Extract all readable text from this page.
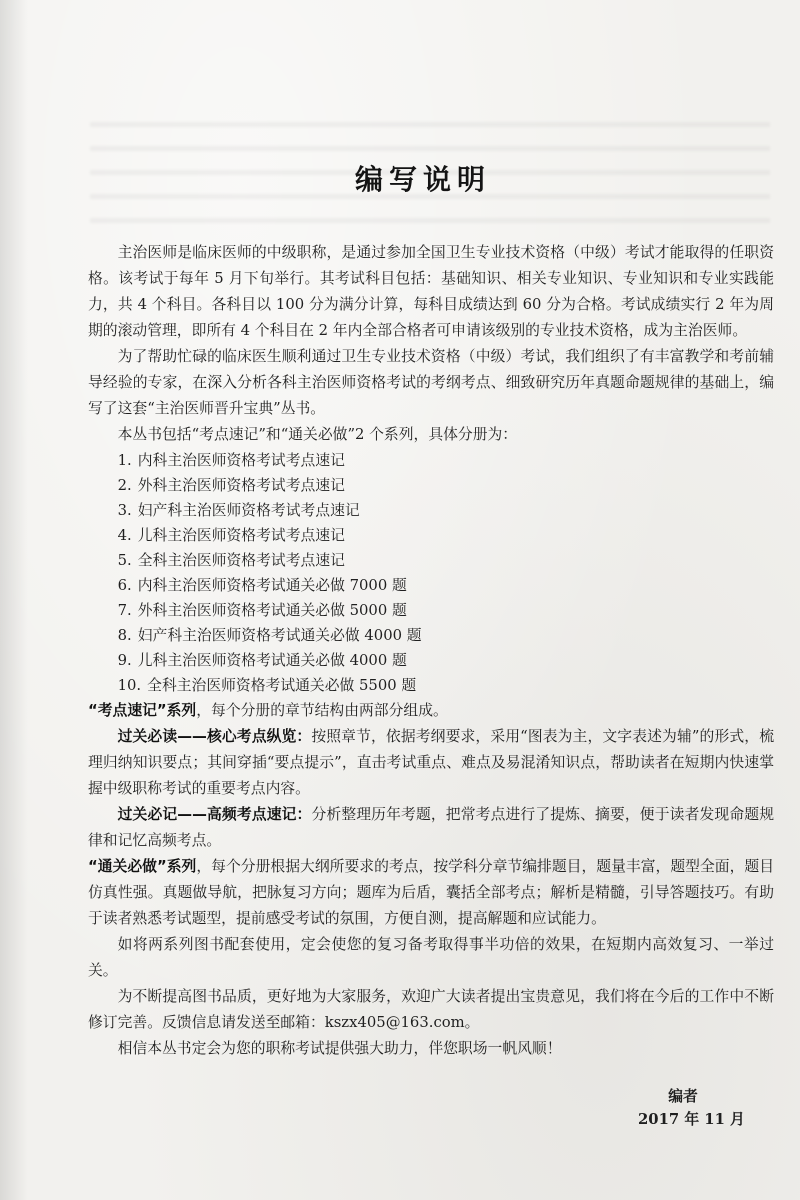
编写说明

主治医师是临床医师的中级职称，是通过参加全国卫生专业技术资格（中级）考试才能取得的任职资格。该考试于每年 5 月下旬举行。其考试科目包括：基础知识、相关专业知识、专业知识和专业实践能力，共 4 个科目。各科目以 100 分为满分计算，每科目成绩达到 60 分为合格。考试成绩实行 2 年为周期的滚动管理，即所有 4 个科目在 2 年内全部合格者可申请该级别的专业技术资格，成为主治医师。

为了帮助忙碌的临床医生顺利通过卫生专业技术资格（中级）考试，我们组织了有丰富教学和考前辅导经验的专家，在深入分析各科主治医师资格考试的考纲考点、细致研究历年真题命题规律的基础上，编写了这套“主治医师晋升宝典”丛书。

本丛书包括“考点速记”和“通关必做”2 个系列，具体分册为：

1. 内科主治医师资格考试考点速记
2. 外科主治医师资格考试考点速记
3. 妇产科主治医师资格考试考点速记
4. 儿科主治医师资格考试考点速记
5. 全科主治医师资格考试考点速记
6. 内科主治医师资格考试通关必做 7000 题
7. 外科主治医师资格考试通关必做 5000 题
8. 妇产科主治医师资格考试通关必做 4000 题
9. 儿科主治医师资格考试通关必做 4000 题
10. 全科主治医师资格考试通关必做 5500 题

“考点速记”系列，每个分册的章节结构由两部分组成。

过关必读——核心考点纵览：按照章节，依据考纲要求，采用“图表为主，文字表述为辅”的形式，梳理归纳知识要点；其间穿插“要点提示”，直击考试重点、难点及易混淆知识点，帮助读者在短期内快速掌握中级职称考试的重要考点内容。

过关必记——高频考点速记：分析整理历年考题，把常考点进行了提炼、摘要，便于读者发现命题规律和记忆高频考点。

“通关必做”系列，每个分册根据大纲所要求的考点，按学科分章节编排题目，题量丰富，题型全面，题目仿真性强。真题做导航，把脉复习方向；题库为后盾，囊括全部考点；解析是精髓，引导答题技巧。有助于读者熟悉考试题型，提前感受考试的氛围，方便自测，提高解题和应试能力。

如将两系列图书配套使用，定会使您的复习备考取得事半功倍的效果，在短期内高效复习、一举过关。

为不断提高图书品质，更好地为大家服务，欢迎广大读者提出宝贵意见，我们将在今后的工作中不断修订完善。反馈信息请发送至邮箱：kszx405@163.com。

相信本丛书定会为您的职称考试提供强大助力，伴您职场一帆风顺！

编者
2017 年 11 月
